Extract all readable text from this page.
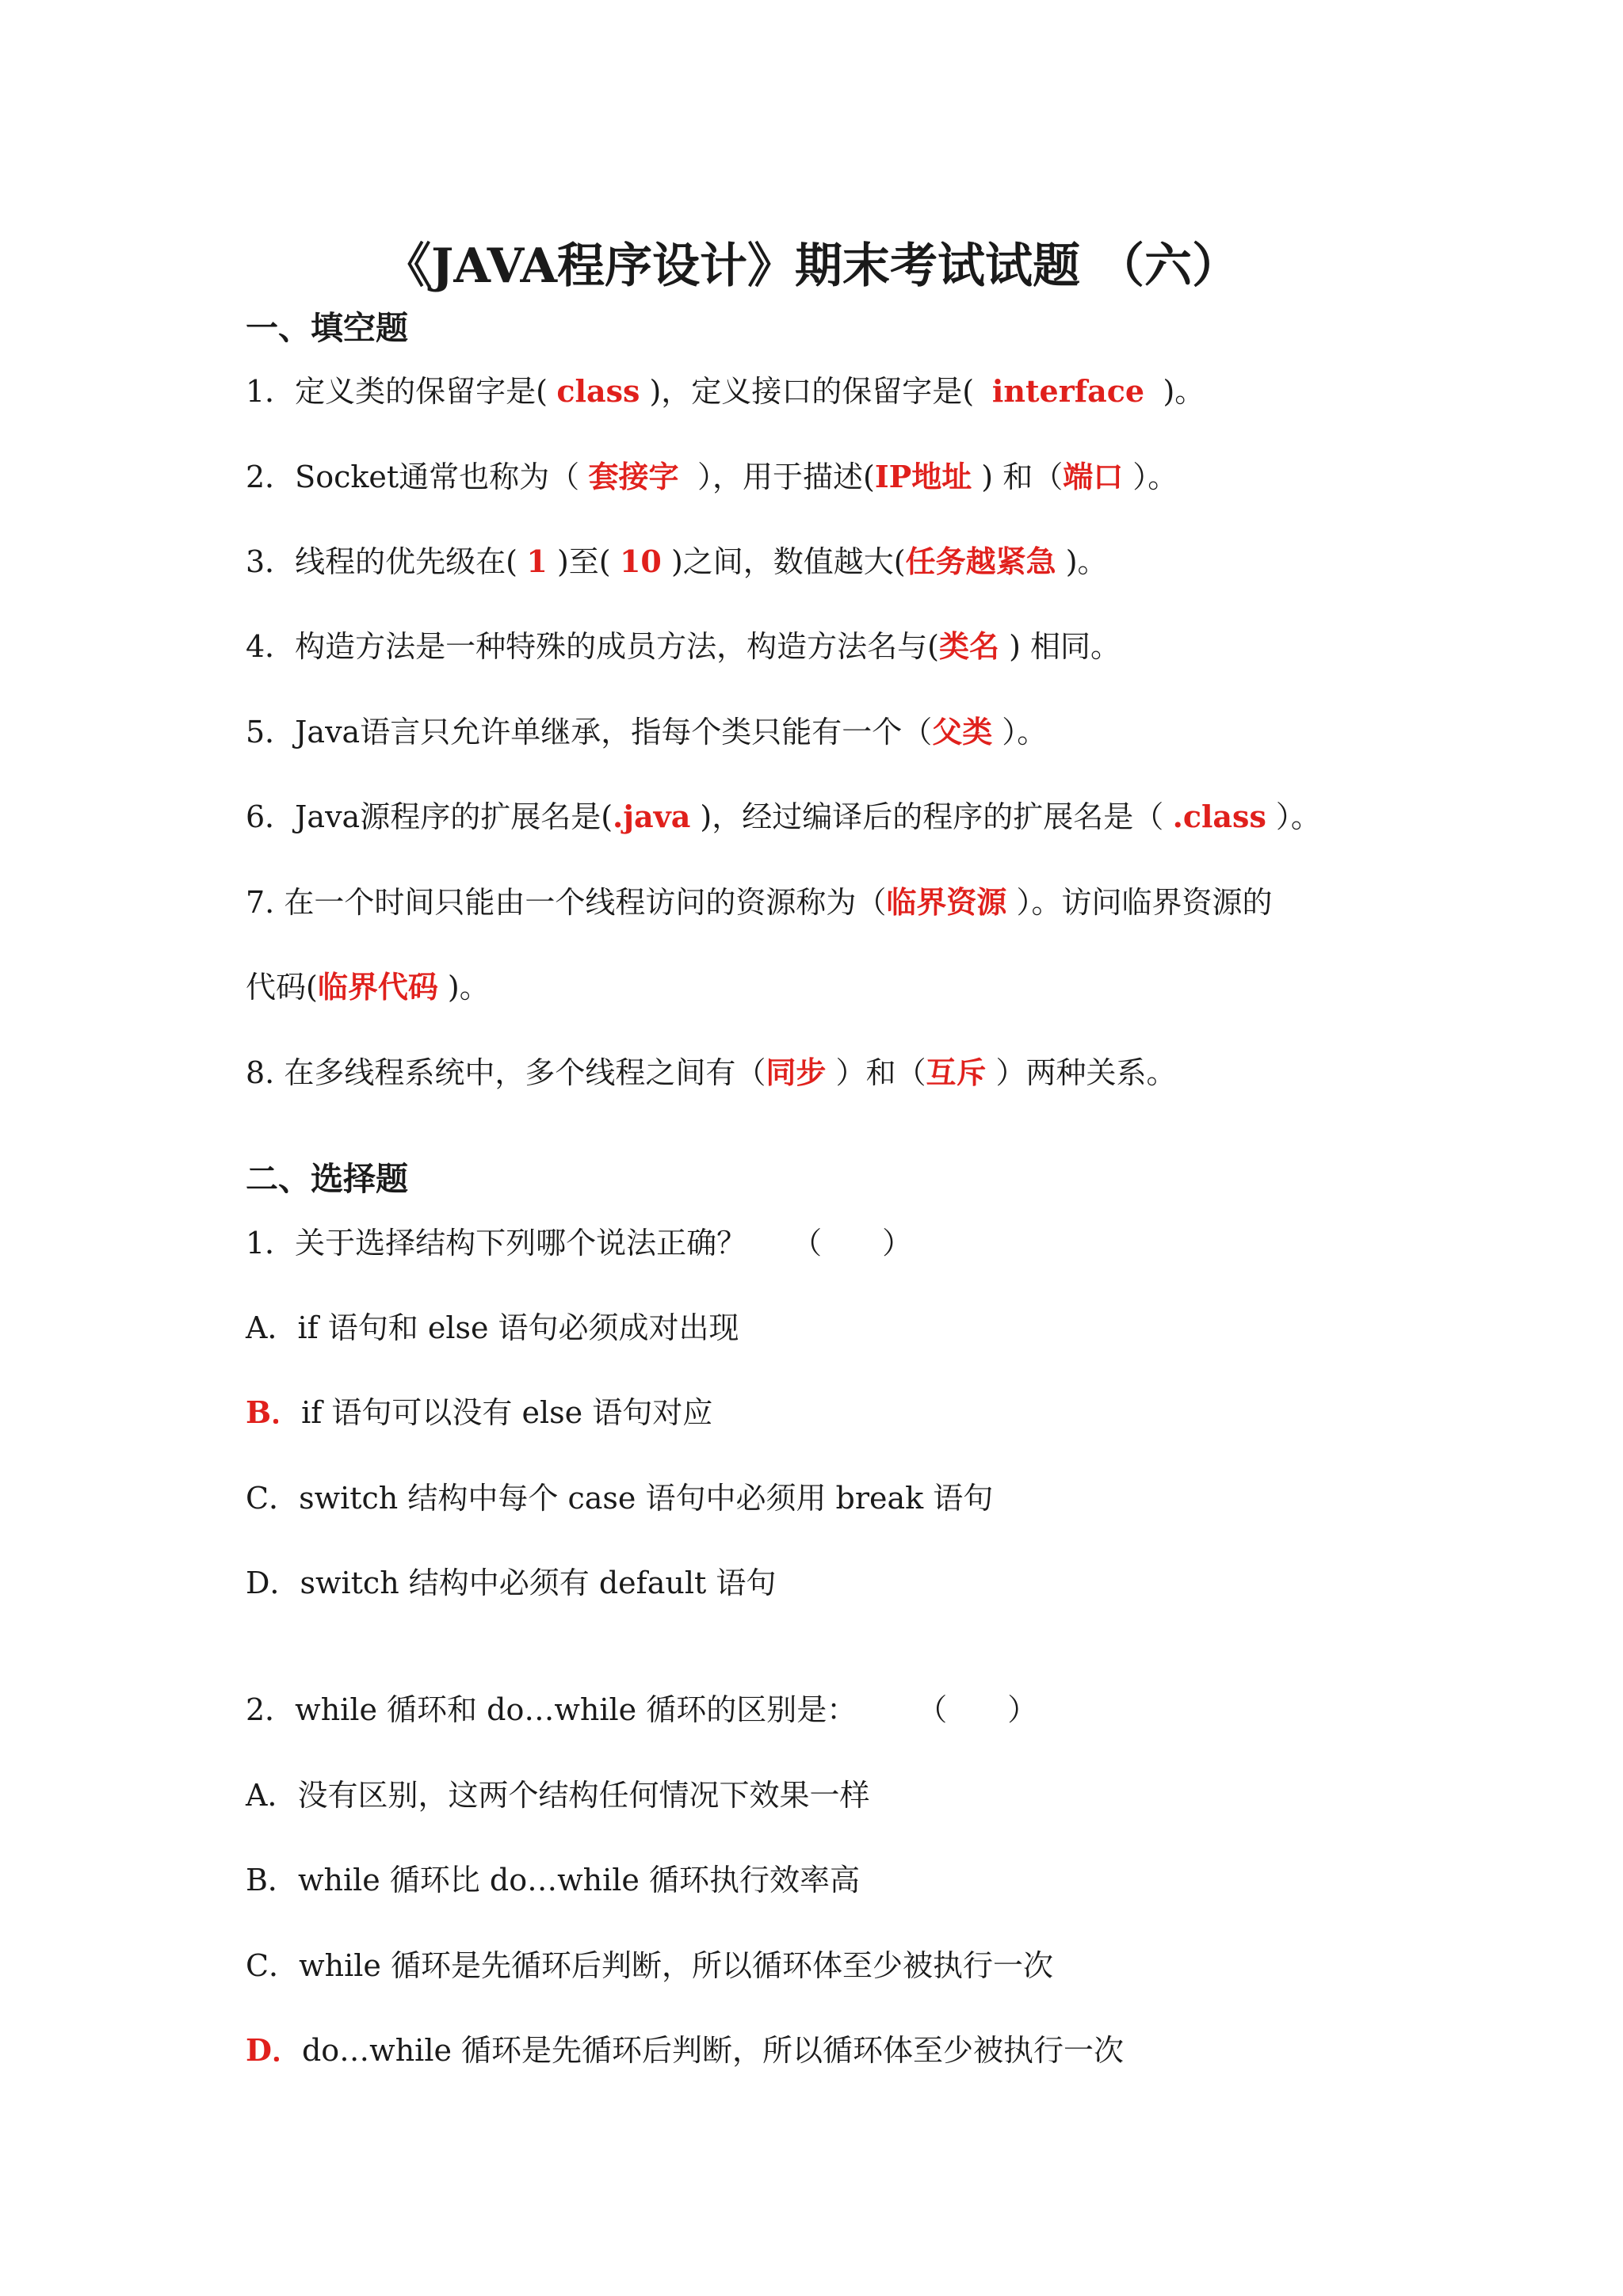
《JAVA程序设计》期末考试试题 （六）
一、填空题
1．定义类的保留字是( class )，定义接口的保留字是( interface )。
2．Socket通常也称为（ 套接字 ），用于描述(IP地址 ) 和（端口 ）。
3．线程的优先级在( 1 )至( 10 )之间，数值越大(任务越紧急 )。
4．构造方法是一种特殊的成员方法，构造方法名与(类名 ) 相同。
5．Java语言只允许单继承，指每个类只能有一个（父类 ）。
6．Java源程序的扩展名是(.java )，经过编译后的程序的扩展名是（ .class ）。
7. 在一个时间只能由一个线程访问的资源称为（临界资源 ）。访问临界资源的
代码(临界代码 )。
8. 在多线程系统中，多个线程之间有（同步 ）和（互斥 ）两种关系。
二、选择题
1．关于选择结构下列哪个说法正确？　　（　　）
A．if 语句和 else 语句必须成对出现
B．if 语句可以没有 else 语句对应
C．switch 结构中每个 case 语句中必须用 break 语句
D．switch 结构中必须有 default 语句
2．while 循环和 do…while 循环的区别是：　　　（　　）
A．没有区别，这两个结构任何情况下效果一样
B．while 循环比 do…while 循环执行效率高
C．while 循环是先循环后判断，所以循环体至少被执行一次
D．do…while 循环是先循环后判断，所以循环体至少被执行一次
